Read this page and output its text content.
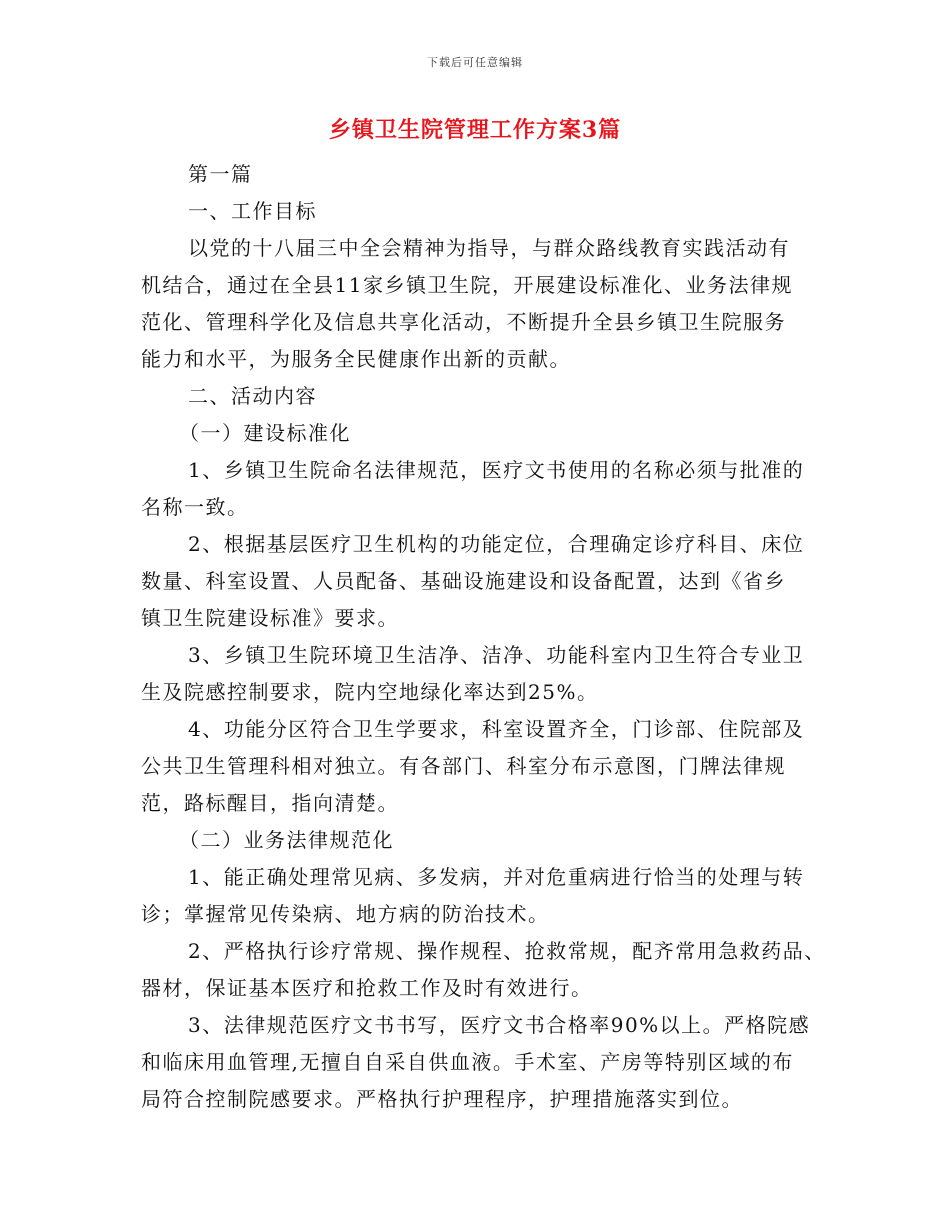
下载后可任意编辑
乡镇卫生院管理工作方案3篇

第一篇

一、工作目标

以党的十八届三中全会精神为指导，与群众路线教育实践活动有

机结合，通过在全县11家乡镇卫生院，开展建设标准化、业务法律规

范化、管理科学化及信息共享化活动，不断提升全县乡镇卫生院服务

能力和水平，为服务全民健康作出新的贡献。

二、活动内容

（一）建设标准化

1、乡镇卫生院命名法律规范，医疗文书使用的名称必须与批准的

名称一致。

2、根据基层医疗卫生机构的功能定位，合理确定诊疗科目、床位

数量、科室设置、人员配备、基础设施建设和设备配置，达到《省乡

镇卫生院建设标准》要求。

3、乡镇卫生院环境卫生洁净、洁净、功能科室内卫生符合专业卫

生及院感控制要求，院内空地绿化率达到25%。

4、功能分区符合卫生学要求，科室设置齐全，门诊部、住院部及

公共卫生管理科相对独立。有各部门、科室分布示意图，门牌法律规

范，路标醒目，指向清楚。

（二）业务法律规范化

1、能正确处理常见病、多发病，并对危重病进行恰当的处理与转

诊；掌握常见传染病、地方病的防治技术。

2、严格执行诊疗常规、操作规程、抢救常规，配齐常用急救药品、

器材，保证基本医疗和抢救工作及时有效进行。

3、法律规范医疗文书书写，医疗文书合格率90%以上。严格院感

和临床用血管理,无擅自自采自供血液。手术室、产房等特别区域的布

局符合控制院感要求。严格执行护理程序，护理措施落实到位。
